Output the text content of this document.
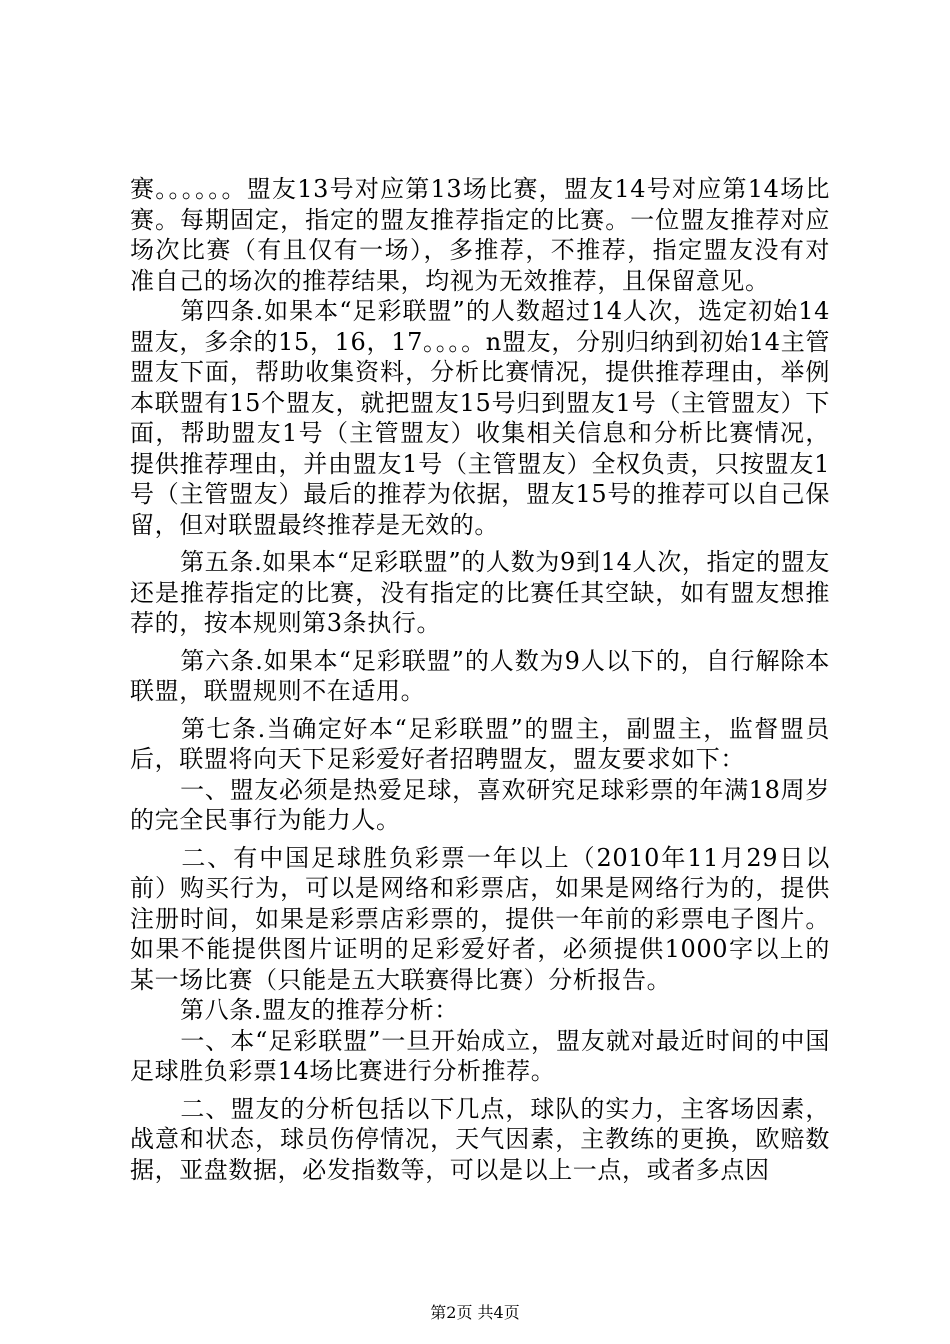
赛。。。。。。盟友13号对应第13场比赛，盟友14号对应第14场比赛。每期固定，指定的盟友推荐指定的比赛。一位盟友推荐对应场次比赛（有且仅有一场），多推荐，不推荐，指定盟友没有对准自己的场次的推荐结果，均视为无效推荐，且保留意见。

第四条.如果本“足彩联盟”的人数超过14人次，选定初始14盟友，多余的15，16，17。。。。n盟友，分别归纳到初始14主管盟友下面，帮助收集资料，分析比赛情况，提供推荐理由，举例本联盟有15个盟友，就把盟友15号归到盟友1号（主管盟友）下面，帮助盟友1号（主管盟友）收集相关信息和分析比赛情况，提供推荐理由，并由盟友1号（主管盟友）全权负责，只按盟友1号（主管盟友）最后的推荐为依据，盟友15号的推荐可以自己保留，但对联盟最终推荐是无效的。

第五条.如果本“足彩联盟”的人数为9到14人次，指定的盟友还是推荐指定的比赛，没有指定的比赛任其空缺，如有盟友想推荐的，按本规则第3条执行。

第六条.如果本“足彩联盟”的人数为9人以下的，自行解除本联盟，联盟规则不在适用。

第七条.当确定好本“足彩联盟”的盟主，副盟主，监督盟员后，联盟将向天下足彩爱好者招聘盟友，盟友要求如下：

一、盟友必须是热爱足球，喜欢研究足球彩票的年满18周岁的完全民事行为能力人。

二、有中国足球胜负彩票一年以上（2010年11月29日以前）购买行为，可以是网络和彩票店，如果是网络行为的，提供注册时间，如果是彩票店彩票的，提供一年前的彩票电子图片。如果不能提供图片证明的足彩爱好者，必须提供1000字以上的某一场比赛（只能是五大联赛得比赛）分析报告。

第八条.盟友的推荐分析：

一、本“足彩联盟”一旦开始成立，盟友就对最近时间的中国足球胜负彩票14场比赛进行分析推荐。

二、盟友的分析包括以下几点，球队的实力，主客场因素，战意和状态，球员伤停情况，天气因素，主教练的更换，欧赔数据，亚盘数据，必发指数等，可以是以上一点，或者多点因

第2页 共4页
